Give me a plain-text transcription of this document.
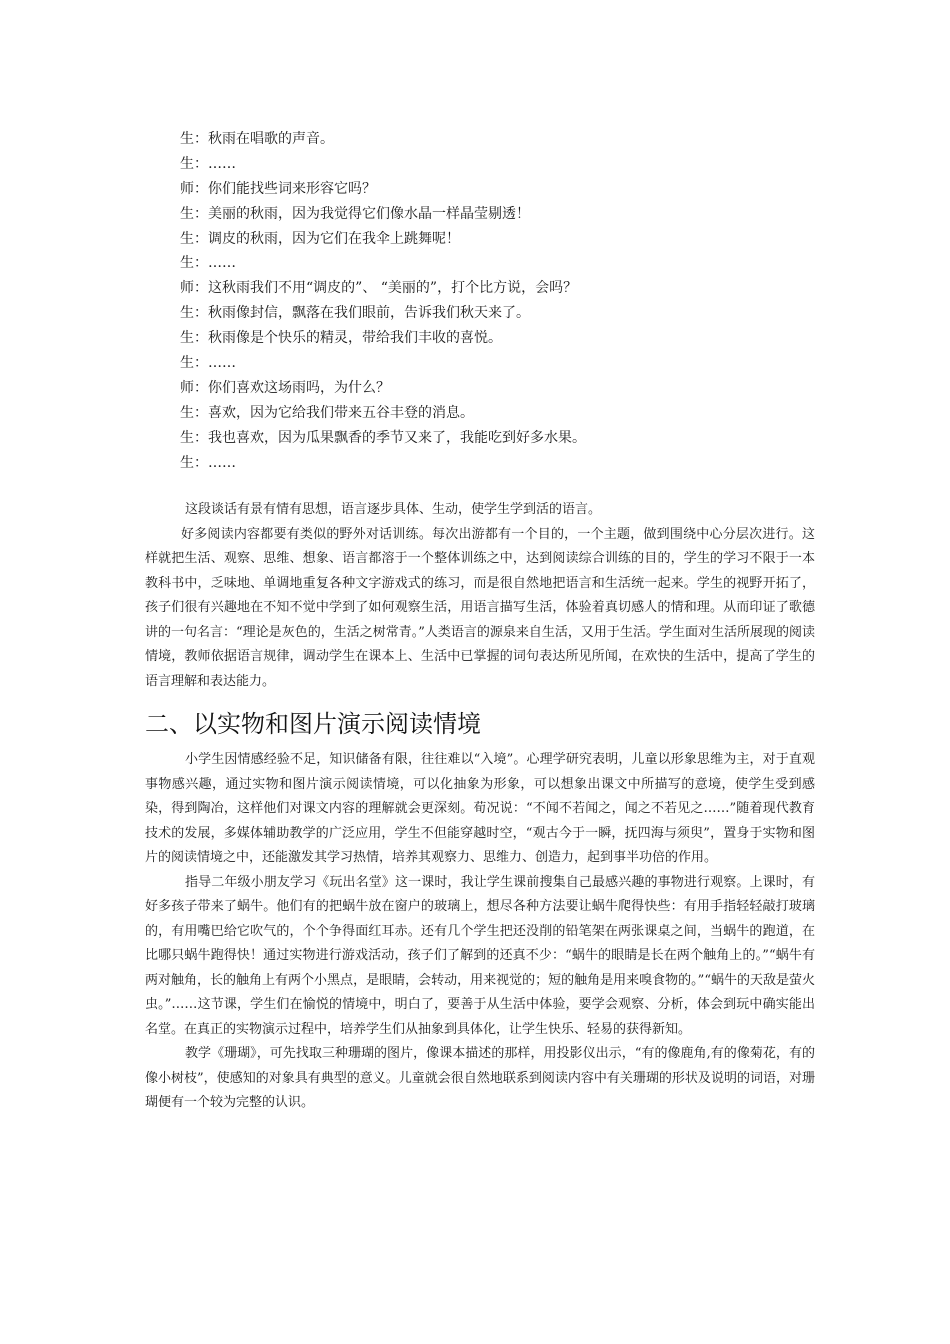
生：秋雨在唱歌的声音。
生：……
师：你们能找些词来形容它吗？
生：美丽的秋雨，因为我觉得它们像水晶一样晶莹剔透！
生：调皮的秋雨，因为它们在我伞上跳舞呢！
生：……
师：这秋雨我们不用“调皮的”、 “美丽的”，打个比方说，会吗？
生：秋雨像封信，飘落在我们眼前，告诉我们秋天来了。
生：秋雨像是个快乐的精灵，带给我们丰收的喜悦。
生：……
师：你们喜欢这场雨吗，为什么？
生：喜欢，因为它给我们带来五谷丰登的消息。
生：我也喜欢，因为瓜果飘香的季节又来了，我能吃到好多水果。
生：……

这段谈话有景有情有思想，语言逐步具体、生动，使学生学到活的语言。

好多阅读内容都要有类似的野外对话训练。每次出游都有一个目的，一个主题，做到围绕中心分层次进行。这样就把生活、观察、思维、想象、语言都溶于一个整体训练之中，达到阅读综合训练的目的，学生的学习不限于一本教科书中，乏味地、单调地重复各种文字游戏式的练习，而是很自然地把语言和生活统一起来。学生的视野开拓了，孩子们很有兴趣地在不知不觉中学到了如何观察生活，用语言描写生活，体验着真切感人的情和理。从而印证了歌德讲的一句名言：“理论是灰色的，生活之树常青。”人类语言的源泉来自生活，又用于生活。学生面对生活所展现的阅读情境，教师依据语言规律，调动学生在课本上、生活中已掌握的词句表达所见所闻，在欢快的生活中，提高了学生的语言理解和表达能力。

二、以实物和图片演示阅读情境

小学生因情感经验不足，知识储备有限，往往难以“入境”。心理学研究表明，儿童以形象思维为主，对于直观事物感兴趣，通过实物和图片演示阅读情境，可以化抽象为形象，可以想象出课文中所描写的意境，使学生受到感染，得到陶冶，这样他们对课文内容的理解就会更深刻。荀况说：“不闻不若闻之，闻之不若见之……”随着现代教育技术的发展，多媒体辅助教学的广泛应用，学生不但能穿越时空，“观古今于一瞬，抚四海与须臾”，置身于实物和图片的阅读情境之中，还能激发其学习热情，培养其观察力、思维力、创造力，起到事半功倍的作用。

指导二年级小朋友学习《玩出名堂》这一课时，我让学生课前搜集自己最感兴趣的事物进行观察。上课时，有好多孩子带来了蜗牛。他们有的把蜗牛放在窗户的玻璃上，想尽各种方法要让蜗牛爬得快些：有用手指轻轻敲打玻璃的，有用嘴巴给它吹气的，个个争得面红耳赤。还有几个学生把还没削的铅笔架在两张课桌之间，当蜗牛的跑道，在比哪只蜗牛跑得快！通过实物进行游戏活动，孩子们了解到的还真不少：“蜗牛的眼睛是长在两个触角上的。”“蜗牛有两对触角，长的触角上有两个小黑点，是眼睛，会转动，用来视觉的；短的触角是用来嗅食物的。”“蜗牛的天敌是萤火虫。”……这节课，学生们在愉悦的情境中，明白了，要善于从生活中体验，要学会观察、分析，体会到玩中确实能出名堂。在真正的实物演示过程中，培养学生们从抽象到具体化，让学生快乐、轻易的获得新知。

教学《珊瑚》，可先找取三种珊瑚的图片，像课本描述的那样，用投影仪出示，“有的像鹿角,有的像菊花，有的像小树枝”，使感知的对象具有典型的意义。儿童就会很自然地联系到阅读内容中有关珊瑚的形状及说明的词语，对珊瑚便有一个较为完整的认识。
